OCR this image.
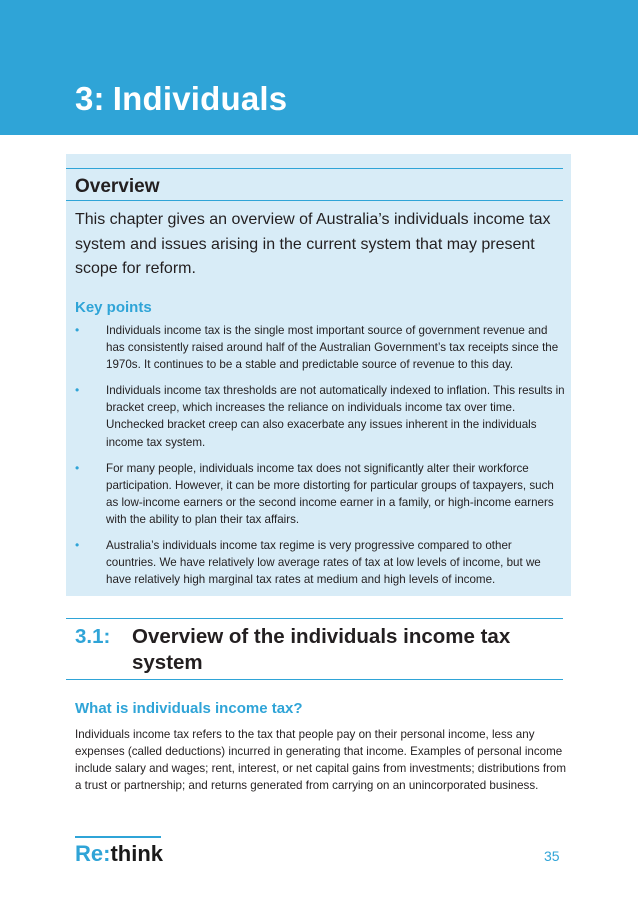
3: Individuals
Overview

This chapter gives an overview of Australia’s individuals income tax system and issues arising in the current system that may present scope for reform.

Key points
• Individuals income tax is the single most important source of government revenue and has consistently raised around half of the Australian Government’s tax receipts since the 1970s. It continues to be a stable and predictable source of revenue to this day.
• Individuals income tax thresholds are not automatically indexed to inflation. This results in bracket creep, which increases the reliance on individuals income tax over time. Unchecked bracket creep can also exacerbate any issues inherent in the individuals income tax system.
• For many people, individuals income tax does not significantly alter their workforce participation. However, it can be more distorting for particular groups of taxpayers, such as low-income earners or the second income earner in a family, or high-income earners with the ability to plan their tax affairs.
• Australia’s individuals income tax regime is very progressive compared to other countries. We have relatively low average rates of tax at low levels of income, but we have relatively high marginal tax rates at medium and high levels of income.
3.1:	Overview of the individuals income tax system
What is individuals income tax?

Individuals income tax refers to the tax that people pay on their personal income, less any expenses (called deductions) incurred in generating that income. Examples of personal income include salary and wages; rent, interest, or net capital gains from investments; distributions from a trust or partnership; and returns generated from carrying on an unincorporated business.

Re:think	35
